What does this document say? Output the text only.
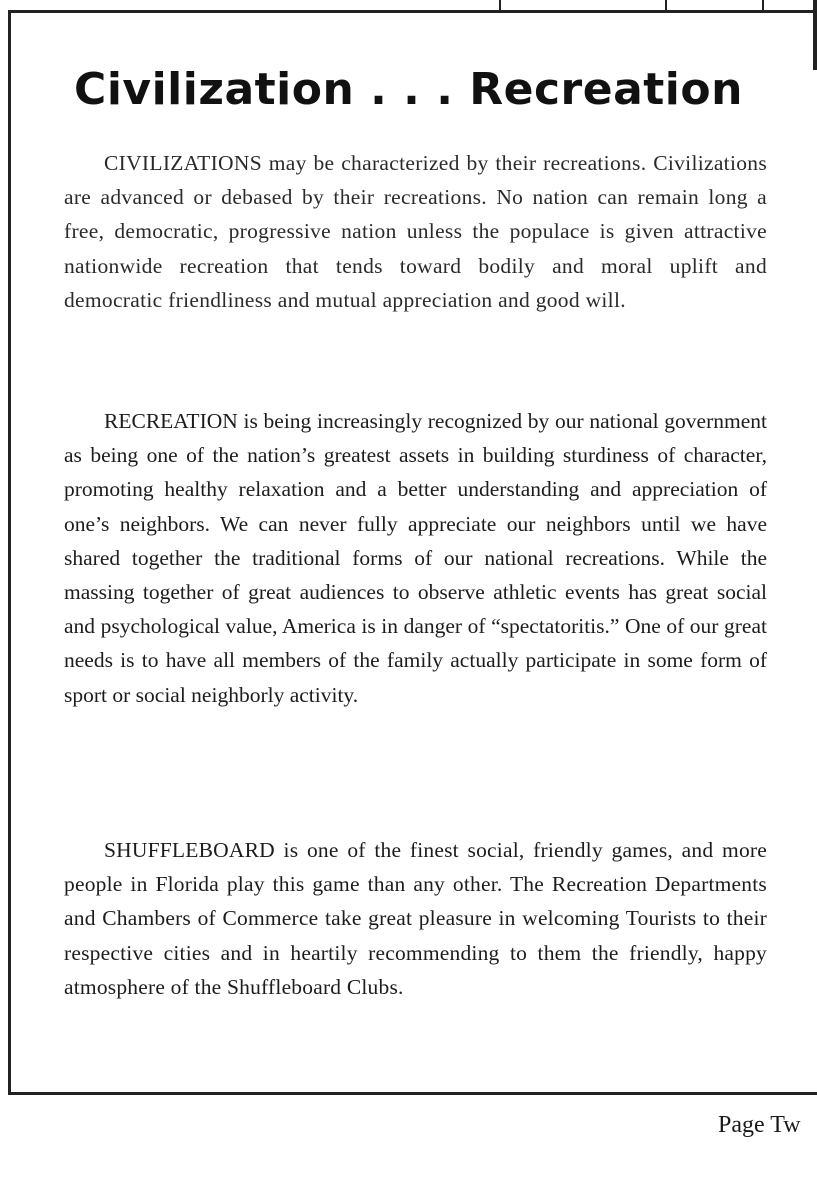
Civilization . . . Recreation

CIVILIZATIONS may be characterized by their recreations. Civilizations are advanced or debased by their recreations. No nation can remain long a free, democratic, progressive nation unless the populace is given attractive nationwide recreation that tends toward bodily and moral uplift and democratic friendliness and mutual appreciation and good will.

RECREATION is being increasingly recognized by our national government as being one of the nation’s greatest assets in building sturdiness of character, promoting healthy relaxation and a better understanding and appreciation of one’s neighbors. We can never fully appreciate our neighbors until we have shared together the traditional forms of our national recreations. While the massing together of great audiences to observe athletic events has great social and psychological value, America is in danger of “spectatoritis.” One of our great needs is to have all members of the family actually participate in some form of sport or social neighborly activity.

SHUFFLEBOARD is one of the finest social, friendly games, and more people in Florida play this game than any other. The Recreation Departments and Chambers of Commerce take great pleasure in welcoming Tourists to their respective cities and in heartily recommending to them the friendly, happy atmosphere of the Shuffleboard Clubs.

Page Tw
